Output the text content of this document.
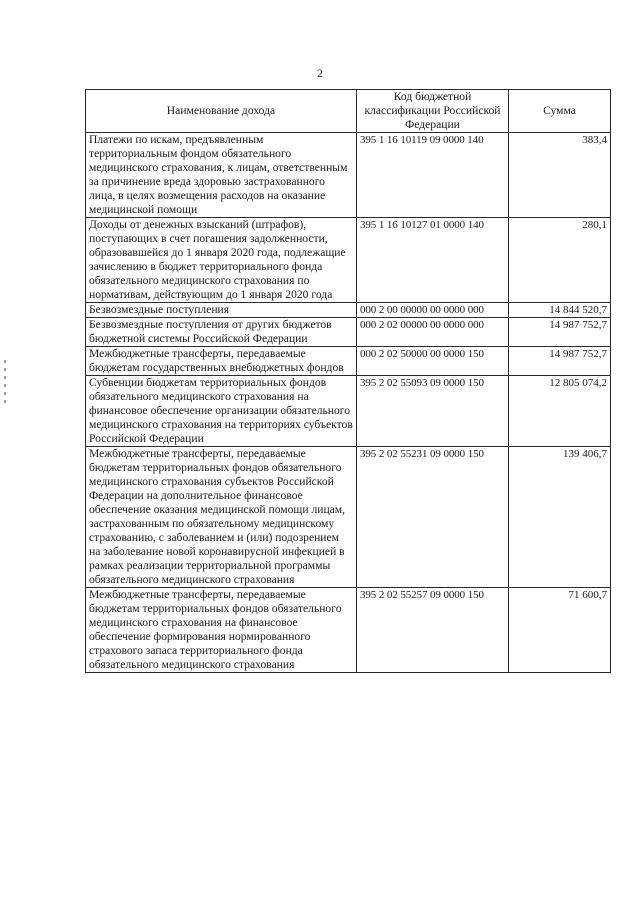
2
Наименование дохода	Код бюджетной классификации Российской Федерации	Сумма
Платежи по искам, предъявленным территориальным фондом обязательного медицинского страхования, к лицам, ответственным за причинение вреда здоровью застрахованного лица, в целях возмещения расходов на оказание медицинской помощи	395 1 16 10119 09 0000 140	383,4
Доходы от денежных взысканий (штрафов), поступающих в счет погашения задолженности, образовавшейся до 1 января 2020 года, подлежащие зачислению в бюджет территориального фонда обязательного медицинского страхования по нормативам, действующим до 1 января 2020 года	395 1 16 10127 01 0000 140	280,1
Безвозмездные поступления	000 2 00 00000 00 0000 000	14 844 520,7
Безвозмездные поступления от других бюджетов бюджетной системы Российской Федерации	000 2 02 00000 00 0000 000	14 987 752,7
Межбюджетные трансферты, передаваемые бюджетам государственных внебюджетных фондов	000 2 02 50000 00 0000 150	14 987 752,7
Субвенции бюджетам территориальных фондов обязательного медицинского страхования на финансовое обеспечение организации обязательного медицинского страхования на территориях субъектов Российской Федерации	395 2 02 55093 09 0000 150	12 805 074,2
Межбюджетные трансферты, передаваемые бюджетам территориальных фондов обязательного медицинского страхования субъектов Российской Федерации на дополнительное финансовое обеспечение оказания медицинской помощи лицам, застрахованным по обязательному медицинскому страхованию, с заболеванием и (или) подозрением на заболевание новой коронавирусной инфекцией в рамках реализации территориальной программы обязательного медицинского страхования	395 2 02 55231 09 0000 150	139 406,7
Межбюджетные трансферты, передаваемые бюджетам территориальных фондов обязательного медицинского страхования на финансовое обеспечение формирования нормированного страхового запаса территориального фонда обязательного медицинского страхования	395 2 02 55257 09 0000 150	71 600,7
